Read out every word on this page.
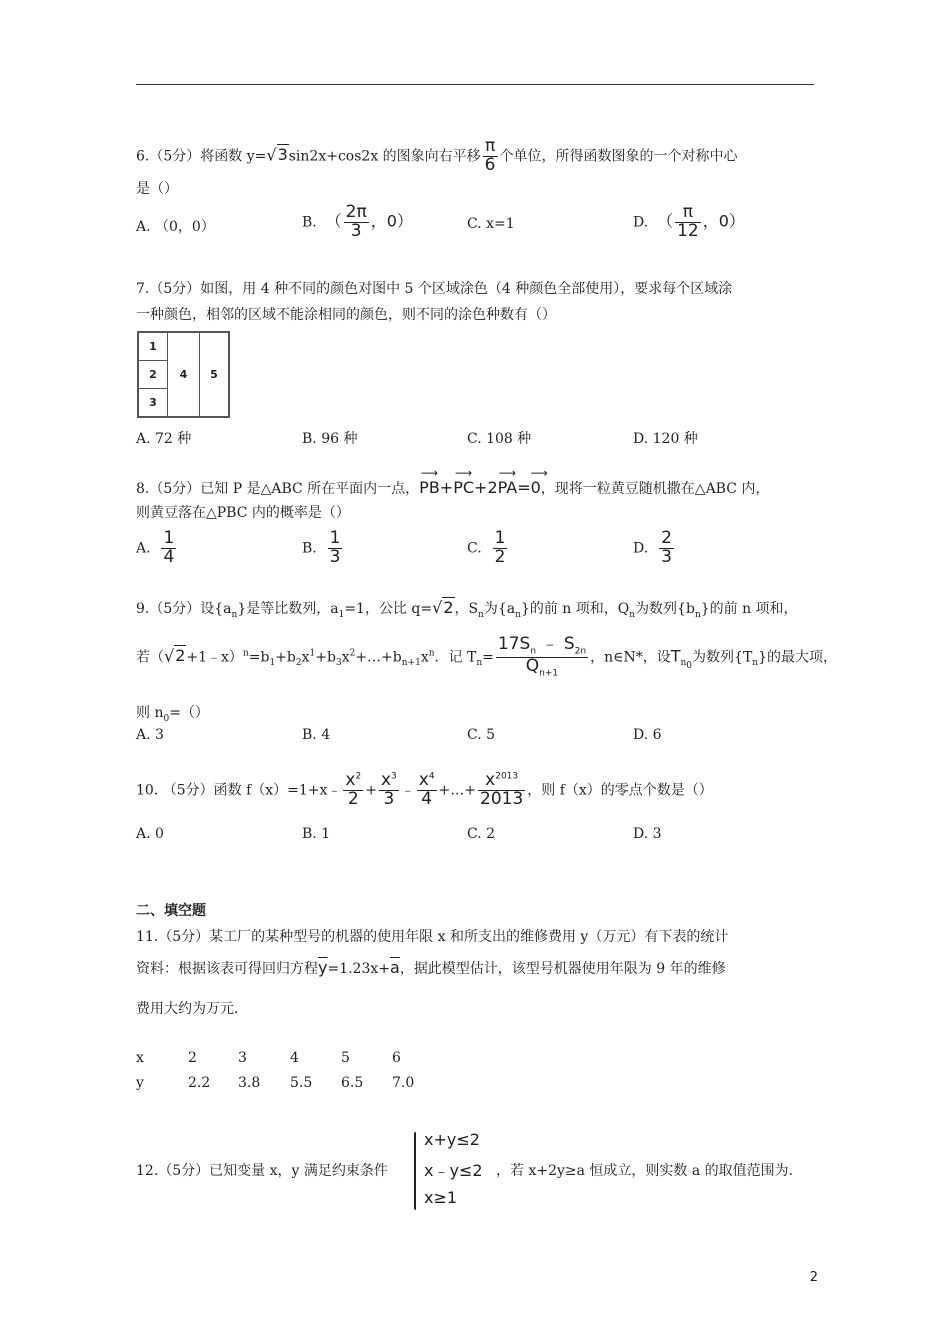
6.（5分）将函数 y=√3sin2x+cos2x 的图象向右平移 $\frac{\pi}{6}$ 个单位，所得函数图象的一个对称中心
是（）
A. （0，0）	B. （ $\frac{2\pi}{3}$ ，0）	C. x=1	D. （ $\frac{\pi}{12}$ ，0）
7.（5分）如图，用 4 种不同的颜色对图中 5 个区域涂色（4 种颜色全部使用），要求每个区域涂
一种颜色，相邻的区域不能涂相同的颜色，则不同的涂色种数有（）
1
2
3
4	5
A. 72 种	B. 96 种	C. 108 种	D. 120 种
8.（5分）已知 P 是△ABC 所在平面内一点，⟶ PB+⟶ PC+2⟶ PA=⟶ 0，现将一粒黄豆随机撒在△ABC 内，
则黄豆落在△PBC 内的概率是（）
A. $\frac{1}{4}$	B. $\frac{1}{3}$	C. $\frac{1}{2}$	D. $\frac{2}{3}$
9.（5分）设$\{a_n\}$是等比数列，$a_1=1$，公比 q=√2，$S_n$为$\{a_n\}$的前 n 项和，$Q_n$为数列$\{b_n\}$的前 n 项和，
若$(√2+1﹣x)^n=b_1+b_2x^1+b_3x^2+\dots+b_{n+1}x^n$．记 $T_n= \frac{17S_n ﹣ S_{2n}}{Q_{n+1}}$ ，n∈N*，设$T_{n_0}$为数列$\{T_n\}$的最大项，
则 $n_0=()$
A. 3	B. 4	C. 5	D. 6
10. （5分）函数 f（x）=1+x﹣ $\frac{x^2}{2} + \frac{x^3}{3}$ ﹣ $\frac{x^4}{4}$ +…+ $\frac{x^{2013}}{2013}$ ，则 f（x）的零点个数是（）
A. 0	B. 1	C. 2	D. 3
二、填空题
11.（5分）某工厂的某种型号的机器的使用年限 x 和所支出的维修费用 y（万元）有下表的统计
资料：根据该表可得回归方程$\overline{y}=1.23x+\overline{a}$，据此模型估计，该型号机器使用年限为 9 年的维修
费用大约为万元．
x	2	3	4	5	6
y	2.2 3.8 5.5 6.5 7.0
12.（5分）已知变量 x，y 满足约束条件
x+y≤2
x﹣y≤2
x≥1
，若 x+2y≥a 恒成立，则实数 a 的取值范围为．
2
